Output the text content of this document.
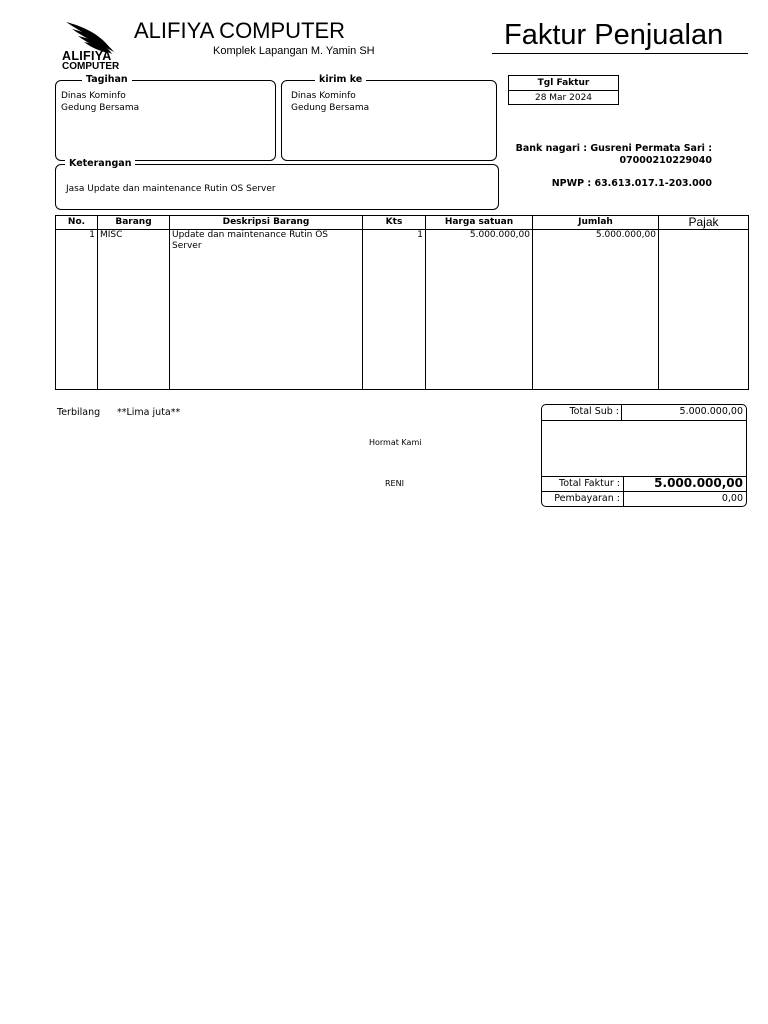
ALIFIYA
COMPUTER
ALIFIYA COMPUTER
Komplek Lapangan M. Yamin SH	Faktur Penjualan
Tagihan
Dinas Kominfo
Gedung Bersama
kirim ke
Dinas Kominfo
Gedung Bersama
Tgl Faktur
28 Mar 2024
Bank nagari : Gusreni Permata Sari :
07000210229040
NPWP : 63.613.017.1-203.000
Keterangan
Jasa Update dan maintenance Rutin OS Server
No.	Barang	Deskripsi Barang	Kts	Harga satuan	Jumlah	Pajak
1	MISC	Update dan maintenance Rutin OS Server	1	5.000.000,00	5.000.000,00	

Terbilang **Lima juta**
Hormat Kami
RENI
Total Sub :	5.000.000,00
Total Faktur :	5.000.000,00
Pembayaran :	0,00
